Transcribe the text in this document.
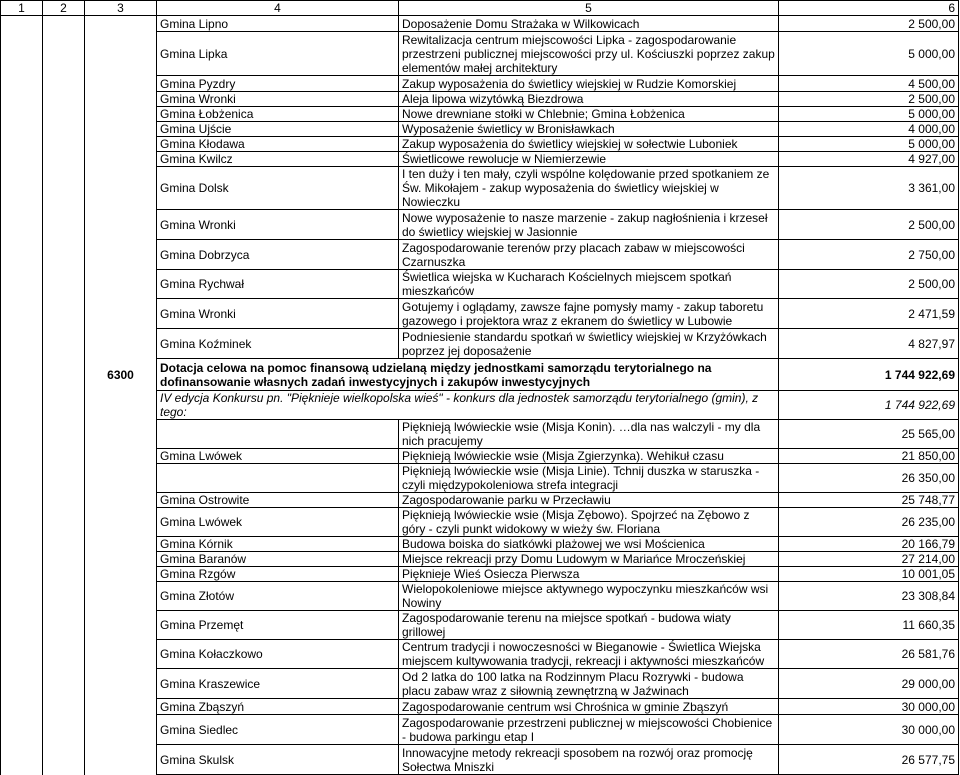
1	2	3	4	5	6
			Gmina Lipno	Doposażenie Domu Strażaka w Wilkowicach	2 500,00
			Gmina Lipka	Rewitalizacja centrum miejscowości Lipka - zagospodarowanie przestrzeni publicznej miejscowości przy ul. Kościuszki poprzez zakup elementów małej architektury	5 000,00
			Gmina Pyzdry	Zakup wyposażenia do świetlicy wiejskiej w Rudzie Komorskiej	4 500,00
			Gmina Wronki	Aleja lipowa wizytówką Biezdrowa	2 500,00
			Gmina Łobżenica	Nowe drewniane stołki w Chlebnie; Gmina Łobżenica	5 000,00
			Gmina Ujście	Wyposażenie świetlicy w Bronisławkach	4 000,00
			Gmina Kłodawa	Zakup wyposażenia do świetlicy wiejskiej w sołectwie Luboniek	5 000,00
			Gmina Kwilcz	Świetlicowe rewolucje w Niemierzewie	4 927,00
			Gmina Dolsk	I ten duży i ten mały, czyli wspólne kolędowanie przed spotkaniem ze Św. Mikołajem - zakup wyposażenia do świetlicy wiejskiej w Nowieczku	3 361,00
			Gmina Wronki	Nowe wyposażenie to nasze marzenie - zakup nagłośnienia i krzeseł do świetlicy wiejskiej w Jasionnie	2 500,00
			Gmina Dobrzyca	Zagospodarowanie terenów przy placach zabaw w miejscowości Czarnuszka	2 750,00
			Gmina Rychwał	Świetlica wiejska w Kucharach Kościelnych miejscem spotkań mieszkańców	2 500,00
			Gmina Wronki	Gotujemy i oglądamy, zawsze fajne pomysły mamy - zakup taboretu gazowego i projektora wraz z ekranem do świetlicy w Lubowie	2 471,59
			Gmina Koźminek	Podniesienie standardu spotkań w świetlicy wiejskiej w Krzyżówkach poprzez jej doposażenie	4 827,97
		6300	Dotacja celowa na pomoc finansową udzielaną między jednostkami samorządu terytorialnego na dofinansowanie własnych zadań inwestycyjnych i zakupów inwestycyjnych		1 744 922,69
			IV edycja Konkursu pn. "Pięknieje wielkopolska wieś" - konkurs dla jednostek samorządu terytorialnego (gmin), z tego:		1 744 922,69
				Pięknieją lwówieckie wsie (Misja Konin). …dla nas walczyli - my dla nich pracujemy	25 565,00
			Gmina Lwówek	Pięknieją lwówieckie wsie (Misja Zgierzynka). Wehikuł czasu	21 850,00
				Pięknieją lwówieckie wsie (Misja Linie). Tchnij duszka w staruszka - czyli międzypokoleniowa strefa integracji	26 350,00
			Gmina Ostrowite	Zagospodarowanie parku w Przecławiu	25 748,77
			Gmina Lwówek	Pięknieją lwówieckie wsie (Misja Zębowo). Spojrzeć na Zębowo z góry - czyli punkt widokowy w wieży św. Floriana	26 235,00
			Gmina Kórnik	Budowa boiska do siatkówki plażowej we wsi Mościenica	20 166,79
			Gmina Baranów	Miejsce rekreacji przy Domu Ludowym w Mariańce Mroczeńskiej	27 214,00
			Gmina Rzgów	Pięknieje Wieś Osiecza Pierwsza	10 001,05
			Gmina Złotów	Wielopokoleniowe miejsce aktywnego wypoczynku mieszkańców wsi Nowiny	23 308,84
			Gmina Przemęt	Zagospodarowanie terenu na miejsce spotkań - budowa wiaty grillowej	11 660,35
			Gmina Kołaczkowo	Centrum tradycji i nowoczesności w Bieganowie - Świetlica Wiejska miejscem kultywowania tradycji, rekreacji i aktywności mieszkańców	26 581,76
			Gmina Kraszewice	Od 2 latka do 100 latka na Rodzinnym Placu Rozrywki - budowa placu zabaw wraz z siłownią zewnętrzną w Jaźwinach	29 000,00
			Gmina Zbąszyń	Zagospodarowanie centrum wsi Chrośnica w gminie Zbąszyń	30 000,00
			Gmina Siedlec	Zagospodarowanie przestrzeni publicznej w miejscowości Chobienice - budowa parkingu etap I	30 000,00
			Gmina Skulsk	Innowacyjne metody rekreacji sposobem na rozwój oraz promocję Sołectwa Mniszki	26 577,75
